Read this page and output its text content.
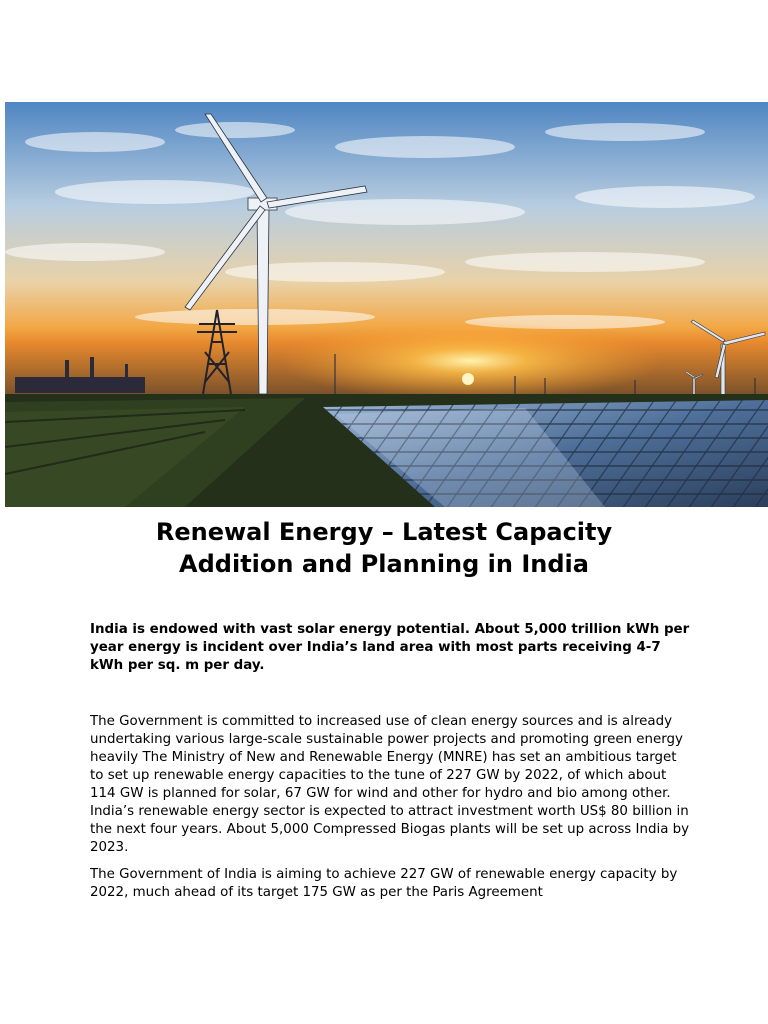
Renewal Energy – Latest Capacity
Addition and Planning in India

India is endowed with vast solar energy potential. About 5,000 trillion kWh per year energy is incident over India’s land area with most parts receiving 4-7 kWh per sq. m per day.

The Government is committed to increased use of clean energy sources and is already undertaking various large-scale sustainable power projects and promoting green energy heavily The Ministry of New and Renewable Energy (MNRE) has set an ambitious target to set up renewable energy capacities to the tune of 227 GW by 2022, of which about 114 GW is planned for solar, 67 GW for wind and other for hydro and bio among other. India’s renewable energy sector is expected to attract investment worth US$ 80 billion in the next four years. About 5,000 Compressed Biogas plants will be set up across India by 2023.

The Government of India is aiming to achieve 227 GW of renewable energy capacity by 2022, much ahead of its target 175 GW as per the Paris Agreement
